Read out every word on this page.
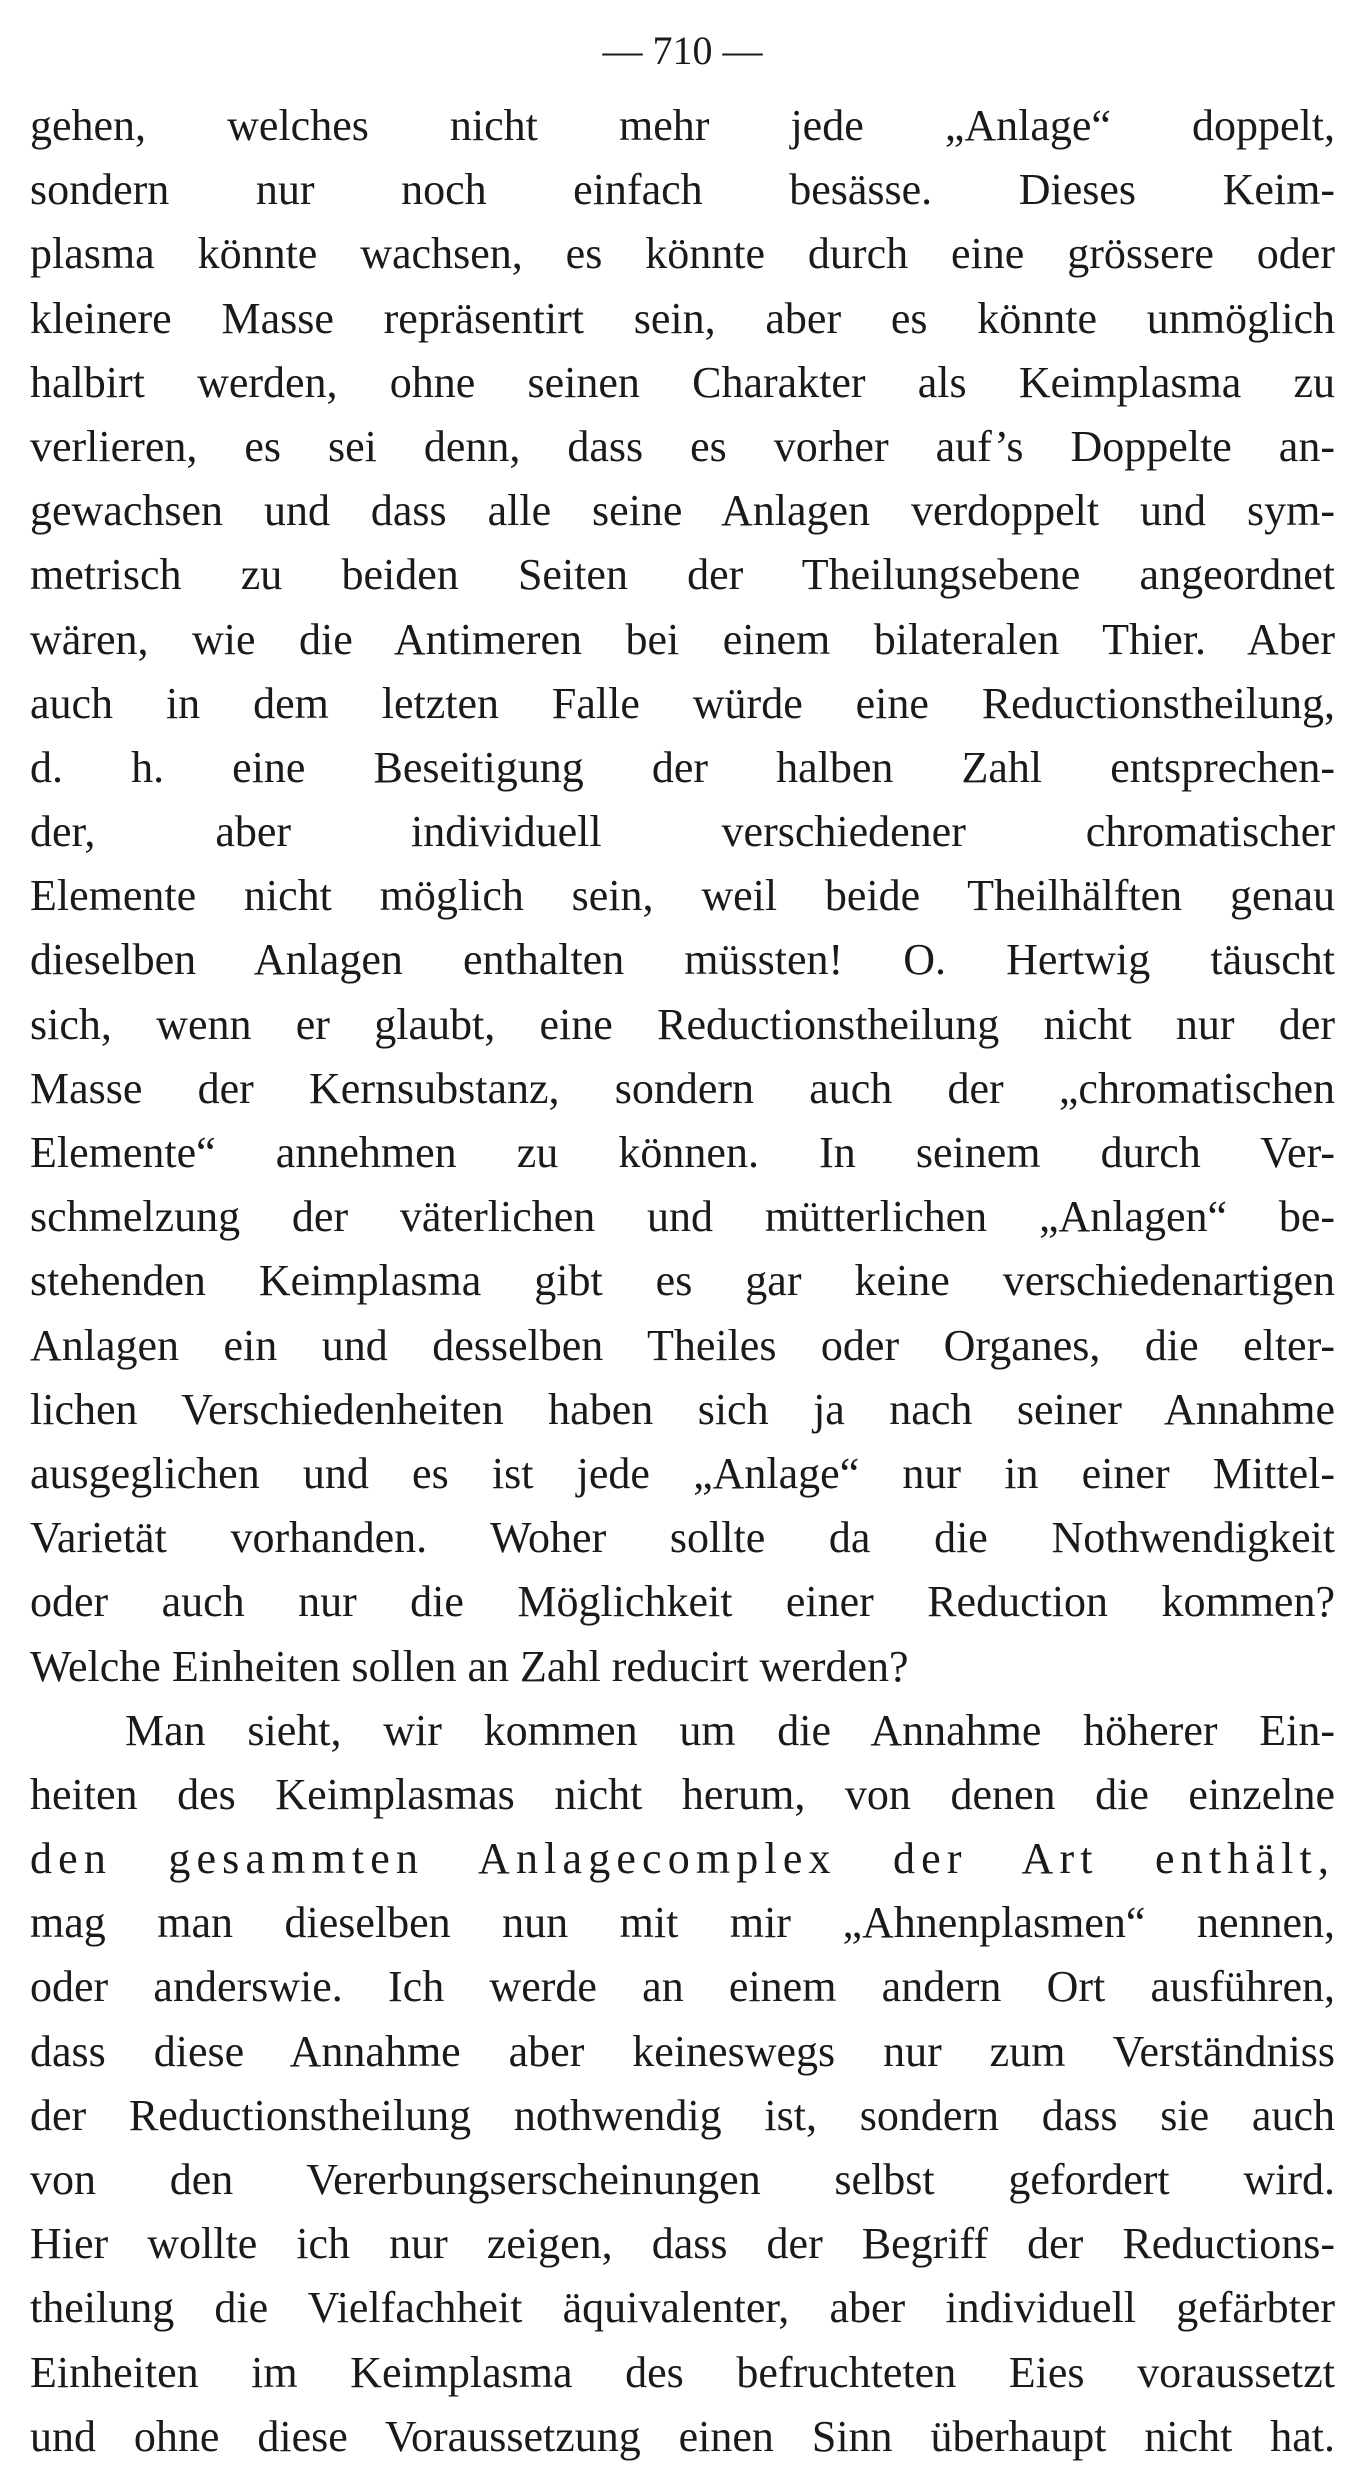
— 710 —
gehen, welches nicht mehr jede „Anlage“ doppelt,
sondern nur noch einfach besässe. Dieses Keim-
plasma könnte wachsen, es könnte durch eine grössere oder
kleinere Masse repräsentirt sein, aber es könnte unmöglich
halbirt werden, ohne seinen Charakter als Keimplasma zu
verlieren, es sei denn, dass es vorher auf’s Doppelte an-
gewachsen und dass alle seine Anlagen verdoppelt und sym-
metrisch zu beiden Seiten der Theilungsebene angeordnet
wären, wie die Antimeren bei einem bilateralen Thier. Aber
auch in dem letzten Falle würde eine Reductionstheilung,
d. h. eine Beseitigung der halben Zahl entsprechen-
der, aber individuell verschiedener chromatischer
Elemente nicht möglich sein, weil beide Theilhälften genau
dieselben Anlagen enthalten müssten! O. Hertwig täuscht
sich, wenn er glaubt, eine Reductionstheilung nicht nur der
Masse der Kernsubstanz, sondern auch der „chromatischen
Elemente“ annehmen zu können. In seinem durch Ver-
schmelzung der väterlichen und mütterlichen „Anlagen“ be-
stehenden Keimplasma gibt es gar keine verschiedenartigen
Anlagen ein und desselben Theiles oder Organes, die elter-
lichen Verschiedenheiten haben sich ja nach seiner Annahme
ausgeglichen und es ist jede „Anlage“ nur in einer Mittel-
Varietät vorhanden. Woher sollte da die Nothwendigkeit
oder auch nur die Möglichkeit einer Reduction kommen?
Welche Einheiten sollen an Zahl reducirt werden?
Man sieht, wir kommen um die Annahme höherer Ein-
heiten des Keimplasmas nicht herum, von denen die einzelne
den gesammten Anlagecomplex der Art enthält,
mag man dieselben nun mit mir „Ahnenplasmen“ nennen,
oder anderswie. Ich werde an einem andern Ort ausführen,
dass diese Annahme aber keineswegs nur zum Verständniss
der Reductionstheilung nothwendig ist, sondern dass sie auch
von den Vererbungserscheinungen selbst gefordert wird.
Hier wollte ich nur zeigen, dass der Begriff der Reductions-
theilung die Vielfachheit äquivalenter, aber individuell gefärbter
Einheiten im Keimplasma des befruchteten Eies voraussetzt
und ohne diese Voraussetzung einen Sinn überhaupt nicht hat.
